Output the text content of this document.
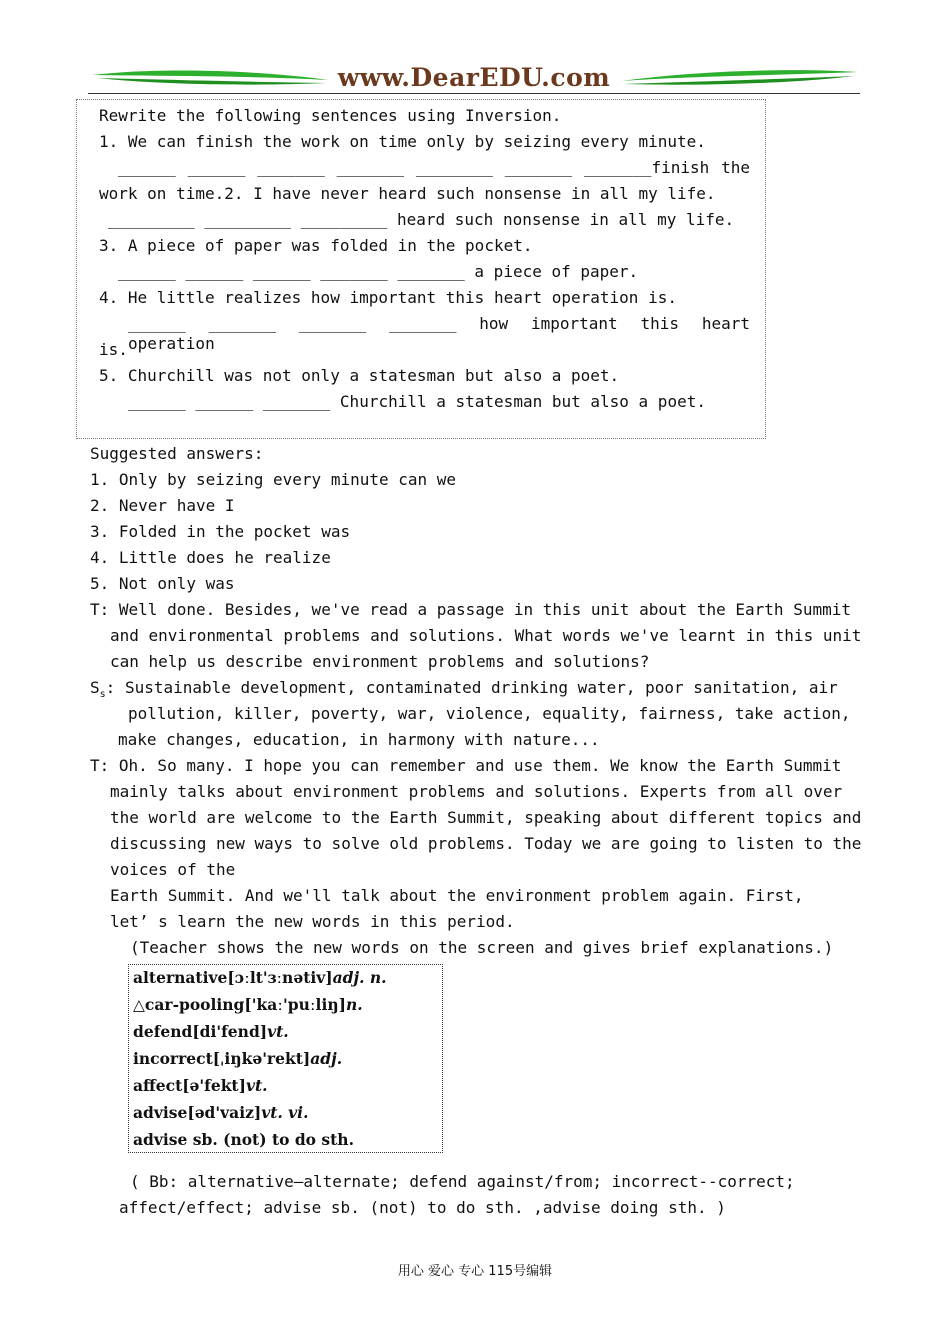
www.DearEDU.com
Rewrite the following sentences using Inversion.
1. We can finish the work on time only by seizing every minute.
______ ______ _______ _______ ________ _______ _______finish the
work on time.2. I have never heard such nonsense in all my life.
_________ _________ _________ heard such nonsense in all my life.
3. A piece of paper was folded in the pocket.
______ ______ ______ _______ _______ a piece of paper.
4. He little realizes how important this heart operation is.
______ _______ _______ _______ how important this heart operation
is.
5. Churchill was not only a statesman but also a poet.
______ ______ _______ Churchill a statesman but also a poet.
Suggested answers:
1. Only by seizing every minute can we
2. Never have I
3. Folded in the pocket was
4. Little does he realize
5. Not only was
T: Well done. Besides, we've read a passage in this unit about the Earth Summit
and environmental problems and solutions. What words we've learnt in this unit
can help us describe environment problems and solutions?
$S_s$: Sustainable development, contaminated drinking water, poor sanitation, air
pollution, killer, poverty, war, violence, equality, fairness, take action,
make changes, education, in harmony with nature...
T: Oh. So many. I hope you can remember and use them. We know the Earth Summit
mainly talks about environment problems and solutions. Experts from all over
the world are welcome to the Earth Summit, speaking about different topics and
discussing new ways to solve old problems. Today we are going to listen to the
voices of the
Earth Summit. And we'll talk about the environment problem again. First,
let’ s learn the new words in this period.
(Teacher shows the new words on the screen and gives brief explanations.)
alternative[ɔːlt'ɜːnətiv]adj. n.
△car-pooling['kaː'puːliŋ]n.
defend[di'fend]vt.
incorrect[ˌiŋkə'rekt]adj.
affect[ə'fekt]vt.
advise[əd'vaiz]vt. vi.
advise sb. (not) to do sth.
( Bb: alternative—alternate; defend against/from; incorrect--correct;
affect/effect; advise sb. (not) to do sth. ,advise doing sth. )
用心 爱心 专心 115号编辑
